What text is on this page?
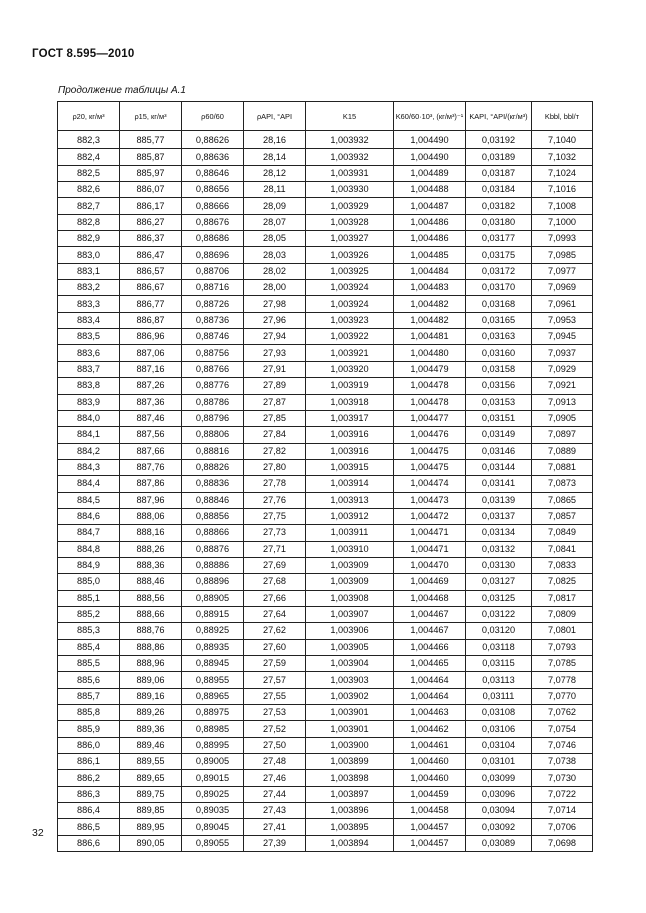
ГОСТ 8.595—2010
Продолжение таблицы А.1
ρ20, кг/м³	ρ15, кг/м³	ρ60/60	ρAPI, °API	K15	K60/60·10³, (кг/м³)⁻¹	KAPI, °API/(кг/м³)	Kbbl, bbl/т
882,3	885,77	0,88626	28,16	1,003932	1,004490	0,03192	7,1040
882,4	885,87	0,88636	28,14	1,003932	1,004490	0,03189	7,1032
882,5	885,97	0,88646	28,12	1,003931	1,004489	0,03187	7,1024
882,6	886,07	0,88656	28,11	1,003930	1,004488	0,03184	7,1016
882,7	886,17	0,88666	28,09	1,003929	1,004487	0,03182	7,1008
882,8	886,27	0,88676	28,07	1,003928	1,004486	0,03180	7,1000
882,9	886,37	0,88686	28,05	1,003927	1,004486	0,03177	7,0993
883,0	886,47	0,88696	28,03	1,003926	1,004485	0,03175	7,0985
883,1	886,57	0,88706	28,02	1,003925	1,004484	0,03172	7,0977
883,2	886,67	0,88716	28,00	1,003924	1,004483	0,03170	7,0969
883,3	886,77	0,88726	27,98	1,003924	1,004482	0,03168	7,0961
883,4	886,87	0,88736	27,96	1,003923	1,004482	0,03165	7,0953
883,5	886,96	0,88746	27,94	1,003922	1,004481	0,03163	7,0945
883,6	887,06	0,88756	27,93	1,003921	1,004480	0,03160	7,0937
883,7	887,16	0,88766	27,91	1,003920	1,004479	0,03158	7,0929
883,8	887,26	0,88776	27,89	1,003919	1,004478	0,03156	7,0921
883,9	887,36	0,88786	27,87	1,003918	1,004478	0,03153	7,0913
884,0	887,46	0,88796	27,85	1,003917	1,004477	0,03151	7,0905
884,1	887,56	0,88806	27,84	1,003916	1,004476	0,03149	7,0897
884,2	887,66	0,88816	27,82	1,003916	1,004475	0,03146	7,0889
884,3	887,76	0,88826	27,80	1,003915	1,004475	0,03144	7,0881
884,4	887,86	0,88836	27,78	1,003914	1,004474	0,03141	7,0873
884,5	887,96	0,88846	27,76	1,003913	1,004473	0,03139	7,0865
884,6	888,06	0,88856	27,75	1,003912	1,004472	0,03137	7,0857
884,7	888,16	0,88866	27,73	1,003911	1,004471	0,03134	7,0849
884,8	888,26	0,88876	27,71	1,003910	1,004471	0,03132	7,0841
884,9	888,36	0,88886	27,69	1,003909	1,004470	0,03130	7,0833
885,0	888,46	0,88896	27,68	1,003909	1,004469	0,03127	7,0825
885,1	888,56	0,88905	27,66	1,003908	1,004468	0,03125	7,0817
885,2	888,66	0,88915	27,64	1,003907	1,004467	0,03122	7,0809
885,3	888,76	0,88925	27,62	1,003906	1,004467	0,03120	7,0801
885,4	888,86	0,88935	27,60	1,003905	1,004466	0,03118	7,0793
885,5	888,96	0,88945	27,59	1,003904	1,004465	0,03115	7,0785
885,6	889,06	0,88955	27,57	1,003903	1,004464	0,03113	7,0778
885,7	889,16	0,88965	27,55	1,003902	1,004464	0,03111	7,0770
885,8	889,26	0,88975	27,53	1,003901	1,004463	0,03108	7,0762
885,9	889,36	0,88985	27,52	1,003901	1,004462	0,03106	7,0754
886,0	889,46	0,88995	27,50	1,003900	1,004461	0,03104	7,0746
886,1	889,55	0,89005	27,48	1,003899	1,004460	0,03101	7,0738
886,2	889,65	0,89015	27,46	1,003898	1,004460	0,03099	7,0730
886,3	889,75	0,89025	27,44	1,003897	1,004459	0,03096	7,0722
886,4	889,85	0,89035	27,43	1,003896	1,004458	0,03094	7,0714
886,5	889,95	0,89045	27,41	1,003895	1,004457	0,03092	7,0706
886,6	890,05	0,89055	27,39	1,003894	1,004457	0,03089	7,0698
32
